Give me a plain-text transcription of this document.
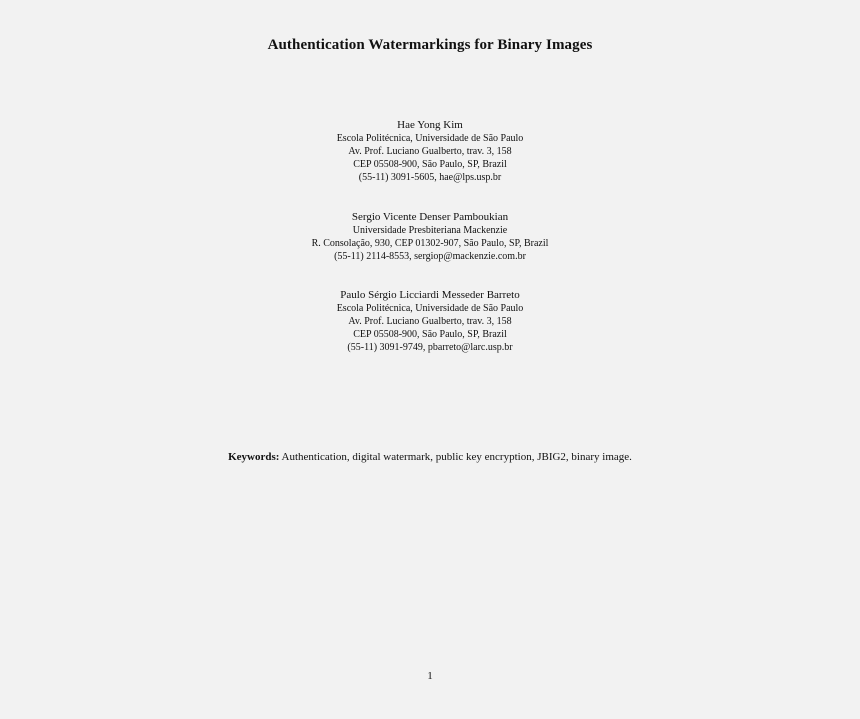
Authentication Watermarkings for Binary Images
Hae Yong Kim
Escola Politécnica, Universidade de São Paulo
Av. Prof. Luciano Gualberto, trav. 3, 158
CEP 05508-900, São Paulo, SP, Brazil
(55-11) 3091-5605, hae@lps.usp.br
Sergio Vicente Denser Pamboukian
Universidade Presbiteriana Mackenzie
R. Consolação, 930, CEP 01302-907, São Paulo, SP, Brazil
(55-11) 2114-8553, sergiop@mackenzie.com.br
Paulo Sérgio Licciardi Messeder Barreto
Escola Politécnica, Universidade de São Paulo
Av. Prof. Luciano Gualberto, trav. 3, 158
CEP 05508-900, São Paulo, SP, Brazil
(55-11) 3091-9749, pbarreto@larc.usp.br
Keywords: Authentication, digital watermark, public key encryption, JBIG2, binary image.
1
